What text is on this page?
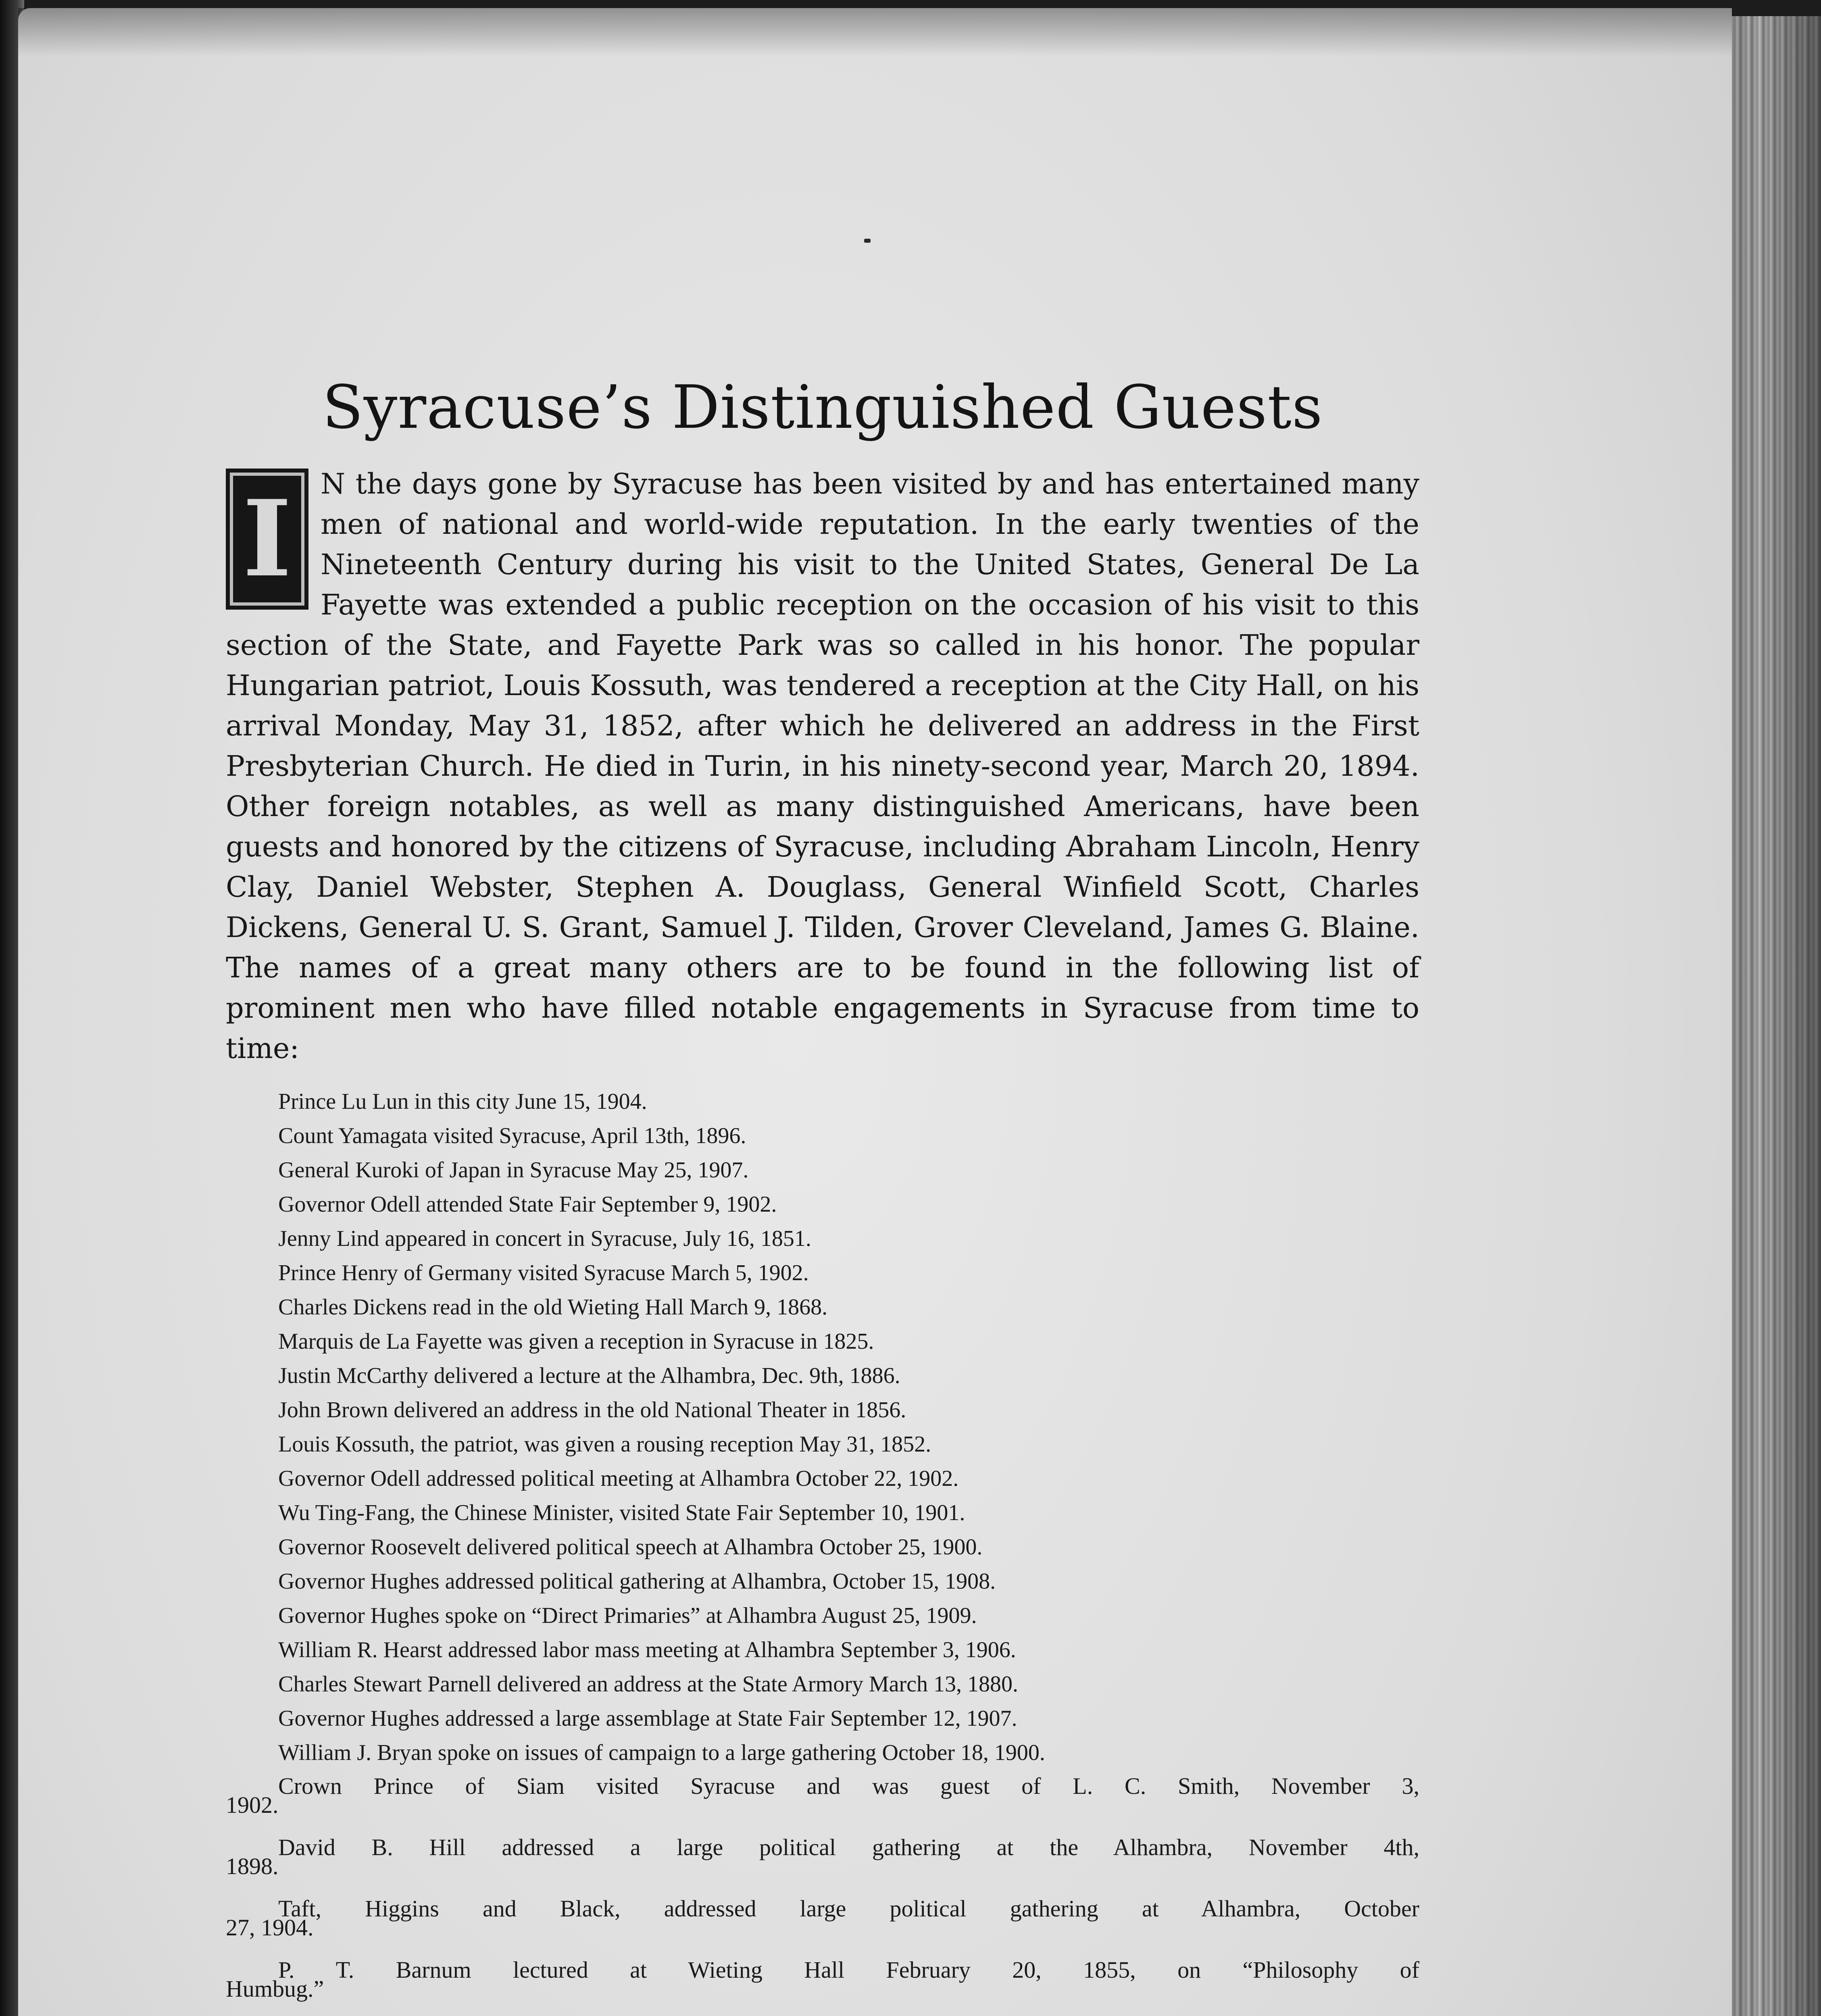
Syracuse’s Distinguished Guests
I	N the days gone by Syracuse has been visited by and has entertained many men of national and world-wide reputation. In the early twenties of the Nineteenth Century during his visit to the United States, General De La Fayette was extended a public reception on the occasion of his visit to this section of the State, and Fayette Park was so called in his honor. The popular Hungarian patriot, Louis Kossuth, was tendered a reception at the City Hall, on his arrival Monday, May 31, 1852, after which he delivered an address in the First Presbyterian Church. He died in Turin, in his ninety-second year, March 20, 1894. Other foreign notables, as well as many distinguished Americans, have been guests and honored by the citizens of Syracuse, including Abraham Lincoln, Henry Clay, Daniel Webster, Stephen A. Douglass, General Winfield Scott, Charles Dickens, General U. S. Grant, Samuel J. Tilden, Grover Cleveland, James G. Blaine. The names of a great many others are to be found in the following list of prominent men who have filled notable engagements in Syracuse from time to time:
Prince Lu Lun in this city June 15, 1904.
Count Yamagata visited Syracuse, April 13th, 1896.
General Kuroki of Japan in Syracuse May 25, 1907.
Governor Odell attended State Fair September 9, 1902.
Jenny Lind appeared in concert in Syracuse, July 16, 1851.
Prince Henry of Germany visited Syracuse March 5, 1902.
Charles Dickens read in the old Wieting Hall March 9, 1868.
Marquis de La Fayette was given a reception in Syracuse in 1825.
Justin McCarthy delivered a lecture at the Alhambra, Dec. 9th, 1886.
John Brown delivered an address in the old National Theater in 1856.
Louis Kossuth, the patriot, was given a rousing reception May 31, 1852.
Governor Odell addressed political meeting at Alhambra October 22, 1902.
Wu Ting-Fang, the Chinese Minister, visited State Fair September 10, 1901.
Governor Roosevelt delivered political speech at Alhambra October 25, 1900.
Governor Hughes addressed political gathering at Alhambra, October 15, 1908.
Governor Hughes spoke on “Direct Primaries” at Alhambra August 25, 1909.
William R. Hearst addressed labor mass meeting at Alhambra September 3, 1906.
Charles Stewart Parnell delivered an address at the State Armory March 13, 1880.
Governor Hughes addressed a large assemblage at State Fair September 12, 1907.
William J. Bryan spoke on issues of campaign to a large gathering October 18, 1900.
Crown Prince of Siam visited Syracuse and was guest of L. C. Smith, November 3,
1902.
David B. Hill addressed a large political gathering at the Alhambra, November 4th,
1898.
Taft, Higgins and Black, addressed large political gathering at Alhambra, October
27, 1904.
P. T. Barnum lectured at Wieting Hall February 20, 1855, on “Philosophy of
Humbug.”
